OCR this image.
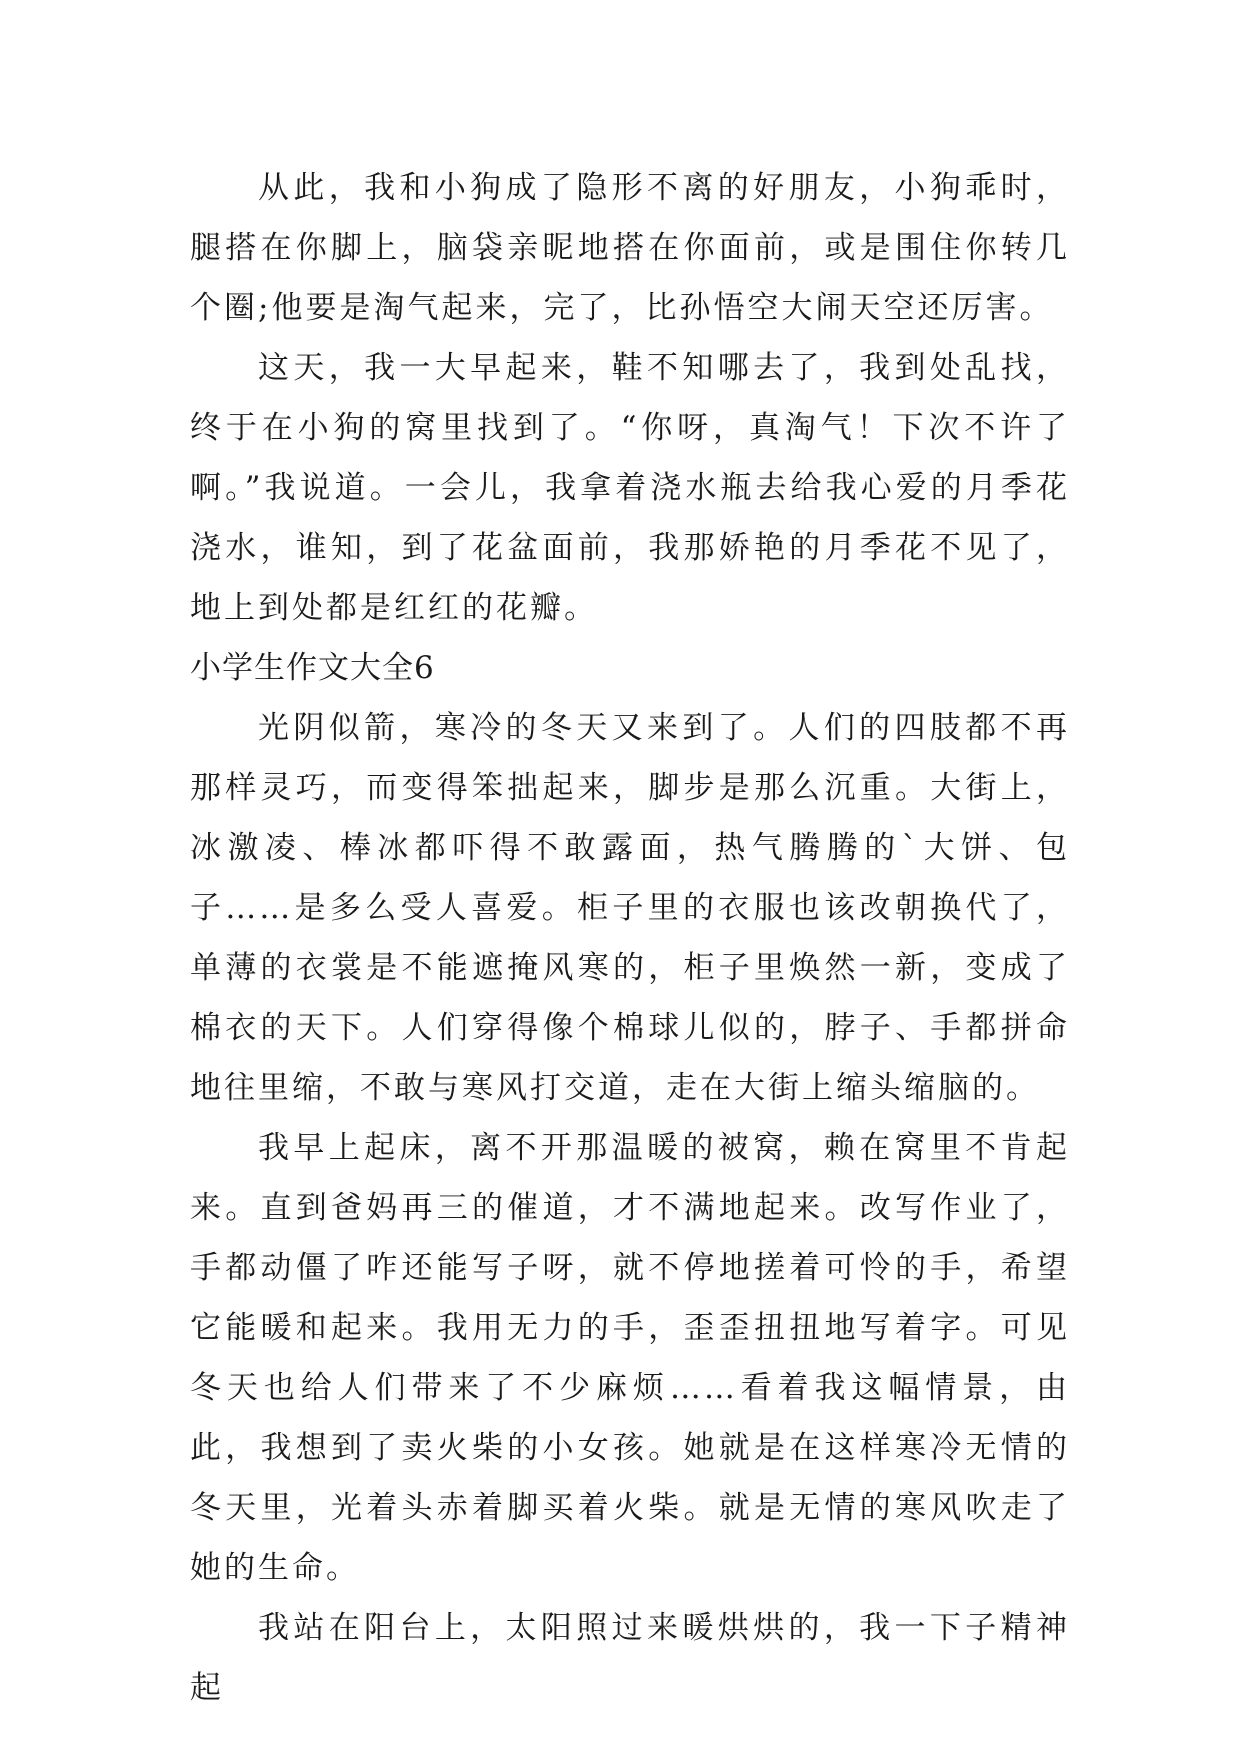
从此，我和小狗成了隐形不离的好朋友，小狗乖时，腿搭在你脚上，脑袋亲昵地搭在你面前，或是围住你转几个圈;他要是淘气起来，完了，比孙悟空大闹天空还厉害。

这天，我一大早起来，鞋不知哪去了，我到处乱找，终于在小狗的窝里找到了。“你呀，真淘气！下次不许了啊。”我说道。一会儿，我拿着浇水瓶去给我心爱的月季花浇水，谁知，到了花盆面前，我那娇艳的月季花不见了，地上到处都是红红的花瓣。

小学生作文大全6

光阴似箭，寒冷的冬天又来到了。人们的四肢都不再那样灵巧，而变得笨拙起来，脚步是那么沉重。大街上，冰激凌、棒冰都吓得不敢露面，热气腾腾的`大饼、包子……是多么受人喜爱。柜子里的衣服也该改朝换代了，单薄的衣裳是不能遮掩风寒的，柜子里焕然一新，变成了棉衣的天下。人们穿得像个棉球儿似的，脖子、手都拼命地往里缩，不敢与寒风打交道，走在大街上缩头缩脑的。

我早上起床，离不开那温暖的被窝，赖在窝里不肯起来。直到爸妈再三的催道，才不满地起来。改写作业了，手都动僵了咋还能写子呀，就不停地搓着可怜的手，希望它能暖和起来。我用无力的手，歪歪扭扭地写着字。可见冬天也给人们带来了不少麻烦……看着我这幅情景，由此，我想到了卖火柴的小女孩。她就是在这样寒冷无情的冬天里，光着头赤着脚买着火柴。就是无情的寒风吹走了她的生命。

我站在阳台上，太阳照过来暖烘烘的，我一下子精神起
